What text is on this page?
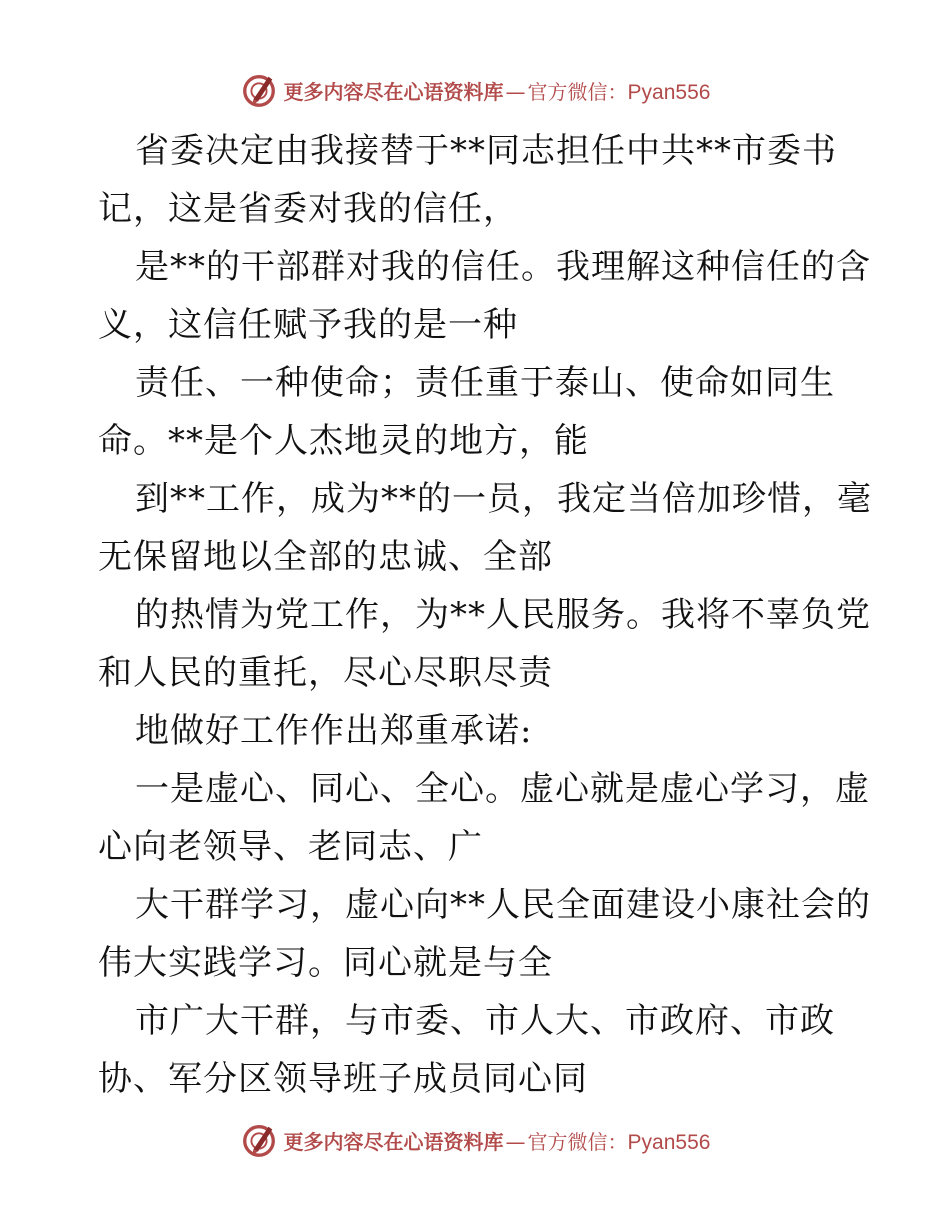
更多内容尽在心语资料库 — 官方微信： Pyan556
省委决定由我接替于**同志担任中共**市委书
记，这是省委对我的信任，
是**的干部群对我的信任。我理解这种信任的含
义，这信任赋予我的是一种
责任、一种使命；责任重于泰山、使命如同生
命。**是个人杰地灵的地方，能
到**工作，成为**的一员，我定当倍加珍惜，毫
无保留地以全部的忠诚、全部
的热情为党工作，为**人民服务。我将不辜负党
和人民的重托，尽心尽职尽责
地做好工作作出郑重承诺:
一是虚心、同心、全心。虚心就是虚心学习，虚
心向老领导、老同志、广
大干群学习，虚心向**人民全面建设小康社会的
伟大实践学习。同心就是与全
市广大干群，与市委、市人大、市政府、市政
协、军分区领导班子成员同心同
更多内容尽在心语资料库 — 官方微信： Pyan556
